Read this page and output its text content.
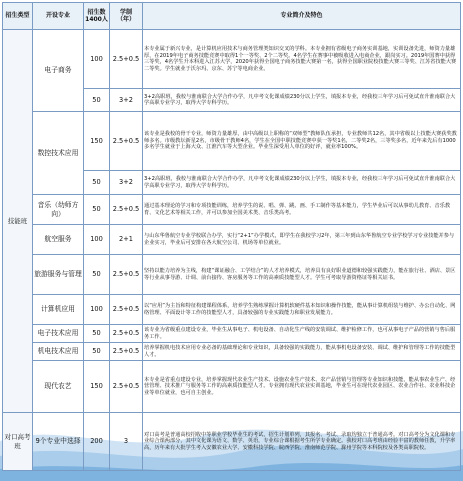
招生类型	开设专业	招生数
1400人	学制
（年）	专业简介及特色
技能班	电子商务	100	2.5+0.5	本专业属于新兴专业，是计算机应用技术与商务管理类知识交叉的学科。本专业拥有省级电子商务实训基地，实训设备先进，师资力量雄厚，在2019年电子商务技能竞赛中取得1个一等奖、2个二等奖。4名学生在赛事中被吸收进入电商企业，跟岗实习。2019年国赛中获得三等奖，4名学生升本科进入江苏大学，2020年获得全国电子商务技能大赛第一名，获得全国职业院校技能大赛三等奖、江苏省技能大赛二等奖。学生就业于沃尔玛、京东、苏宁等电商企业。
		50	3+2	3+2高职班，我校与淮南联合大学合作办学，凡中考文化课成绩230分以上学生，填报本专业，经我校三年学习后可免试直升淮南联合大学高职专业学习，取得大学专科学历。
	数控技术应用	150	2.5+0.5	该专业是我校的骨干专业，师资力量雄厚，由中高级以上职称的“双师型”教师队伍承担，专业教师共12名，其中省级以上技能大赛获奖教师多名。市级教坛新星2名，市级骨干教师4名，学生在全国中职技能竞赛中获一等奖1名，二等奖2名，三等奖多名，近年来先后有1000多名学生就业于上海大众、江淮汽车等大型企业。毕业生深受用人单位的好评，就业率100%。
		50	3+2	3+2高职班，我校与淮南联合大学合作办学，凡中考文化课成绩230分以上学生，填报本专业，经我校三年学习后可免试直升淮南联合大学高职专业学习，取得大学专科学历。
	音乐（幼师方向）	50	2.5+0.5	通过基本理论的学习和专项技能训练，培养学生的说、唱、弹、跳、画、手工制作等基本能力，学生毕业后可以从事幼儿教育、音乐教育、文化艺术等相关工作，并可以参加全国美术类、音乐类高考。
	航空服务	100	2+1	与山东华鲁航空专业学校联合办学，实行“2+1”办学模式，即学生在我校学习2年，第三年到山东华鲁航空专业学校学习专业技能并参与企业实习，毕业后可安排在各大航空公司、机场等单位就业。
	旅游服务与管理	50	2.5+0.5	坚持以能力培养为主线，构建“课证融合、工学结合”的人才培养模式，培养具有良好职业道德和较强实践能力，能在旅行社、酒店、景区等行业从事导游、计调、前台接待、客房服务等工作的高素质技能型人才。学生可考取导游资格证等相关证书。
	计算机应用	100	2.5+0.5	以“应用”为主旨和特征构建课程体系，培养学生熟练掌握计算机软硬件基本知识和操作技能，能从事计算机组装与维护、办公自动化、网络管理、平面设计等工作的技能型人才，具备较强的专业实践能力和职业发展能力。
	电子技术应用	50	2.5+0.5	该专业为省级重点建设专业，毕业生从事电子、机电设备、自动化生产线的安装调试、维护检修工作，也可从事电子产品的营销与售后服务工作。
	机电技术应用	50	2.5+0.5	培养掌握机电技术应用专业必备的基础理论和专业知识，具备较强的实践能力，能从事机电设备安装、调试、维护和管理等工作的技能型人才。
	现代农艺	150	2.5+0.5	本专业是省重点建设专业，培养掌握现代农业生产技术、设施农业生产技术、农产品营销与管理等专业知识和技能，能从事农业生产、经营管理、技术推广与服务等工作的高素质技能型人才。专业拥有现代农业实训基地，毕业生可在现代农业园区、农业合作社、农业科技企业等单位就业，也可自主创业。
对口高考班	9个专业中选择	200	3	对口高考是普通高校招收中等职业学校毕业生的考试，招生计划单列，其报名、考试、录取均独立于普通高考。对口高考分为文化课和专业综合课两部分，其中文化课为语文、数学、英语，专业综合课根据考生所学专业确定。我校对口高考班由经验丰富的教师任教，升学率高，历年来有大批学生考入安徽农业大学、安徽科技学院、皖西学院、淮南师范学院、滁州学院等本科院校及各类高职院校。
